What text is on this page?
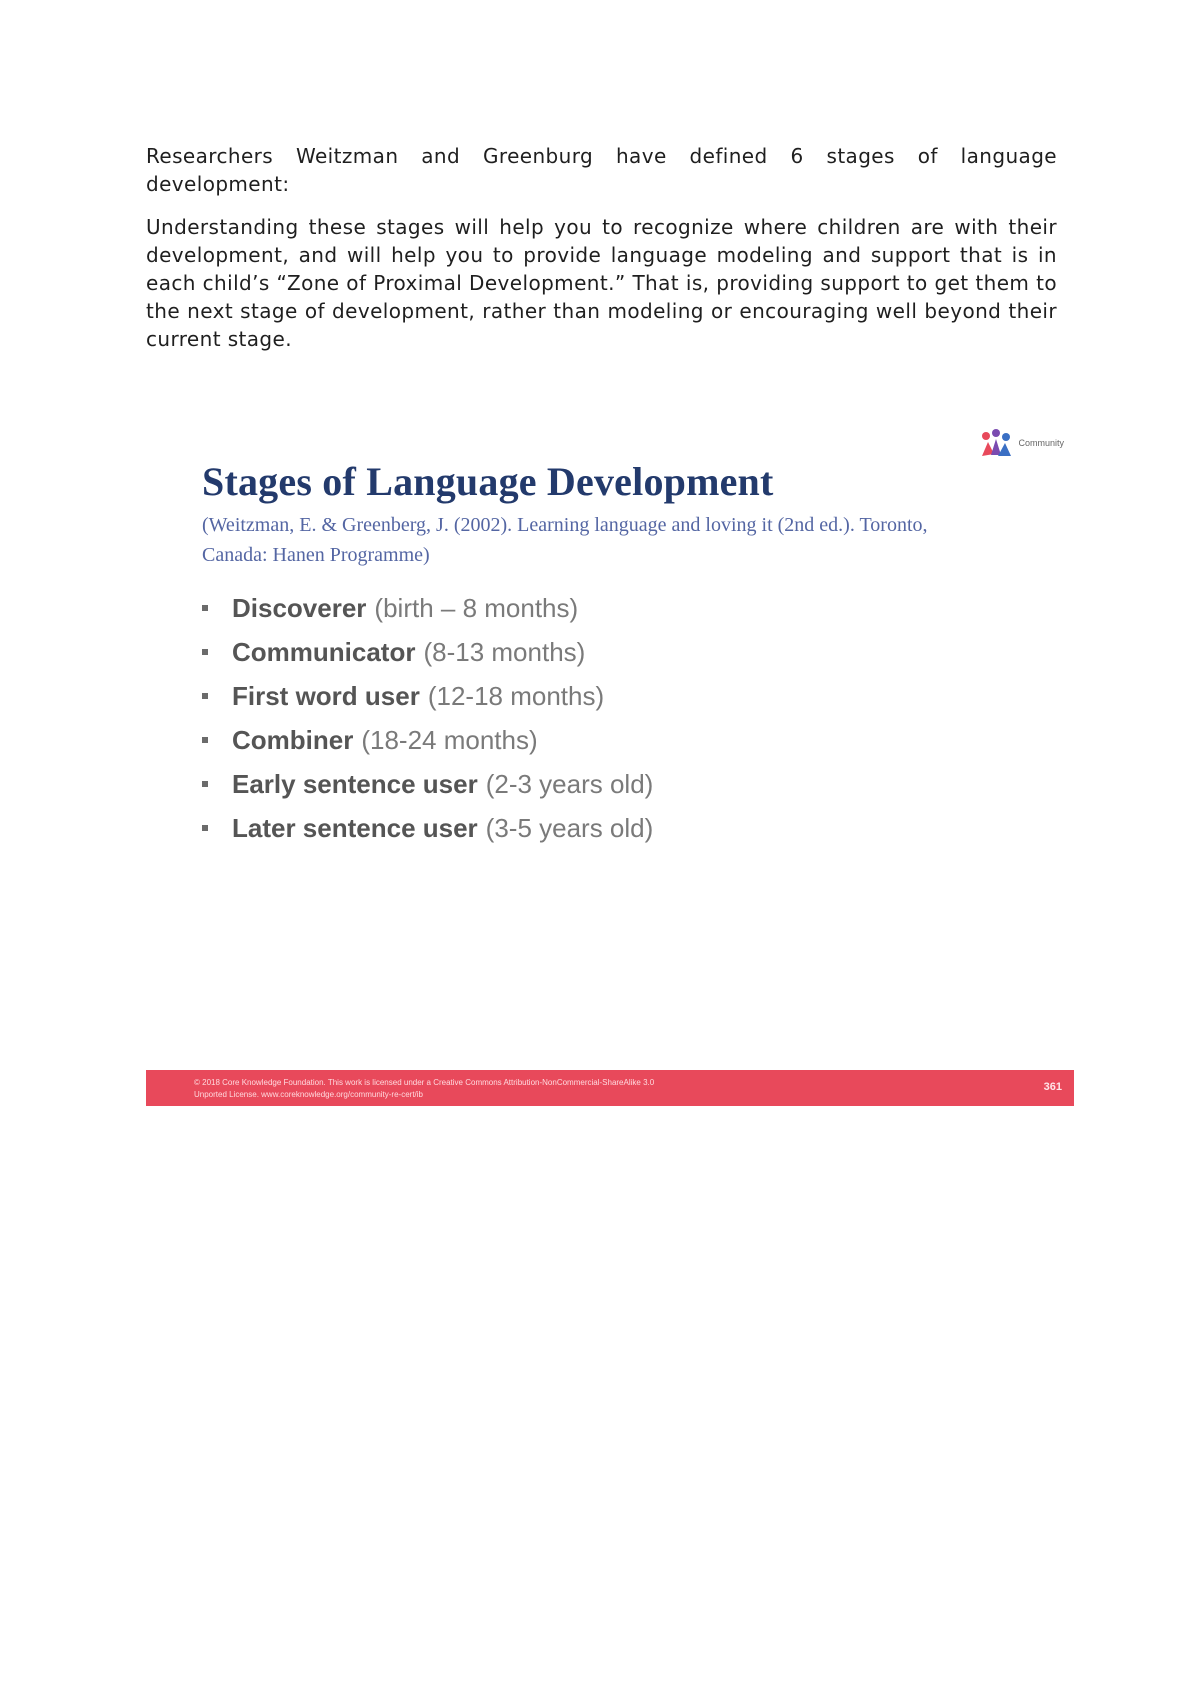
Researchers Weitzman and Greenburg have defined 6 stages of language development:

Understanding these stages will help you to recognize where children are with their development, and will help you to provide language modeling and support that is in each child’s “Zone of Proximal Development.” That is, providing support to get them to the next stage of development, rather than modeling or encouraging well beyond their current stage.

Community
Stages of Language Development

(Weitzman, E. & Greenberg, J. (2002). Learning language and loving it (2nd ed.). Toronto, Canada: Hanen Programme)

Discoverer (birth – 8 months)
Communicator (8-13 months)
First word user (12-18 months)
Combiner (18-24 months)
Early sentence user (2-3 years old)
Later sentence user (3-5 years old)
© 2018 Core Knowledge Foundation. This work is licensed under a Creative Commons Attribution-NonCommercial-ShareAlike 3.0
Unported License. www.coreknowledge.org/community-re-cert/ib
361
